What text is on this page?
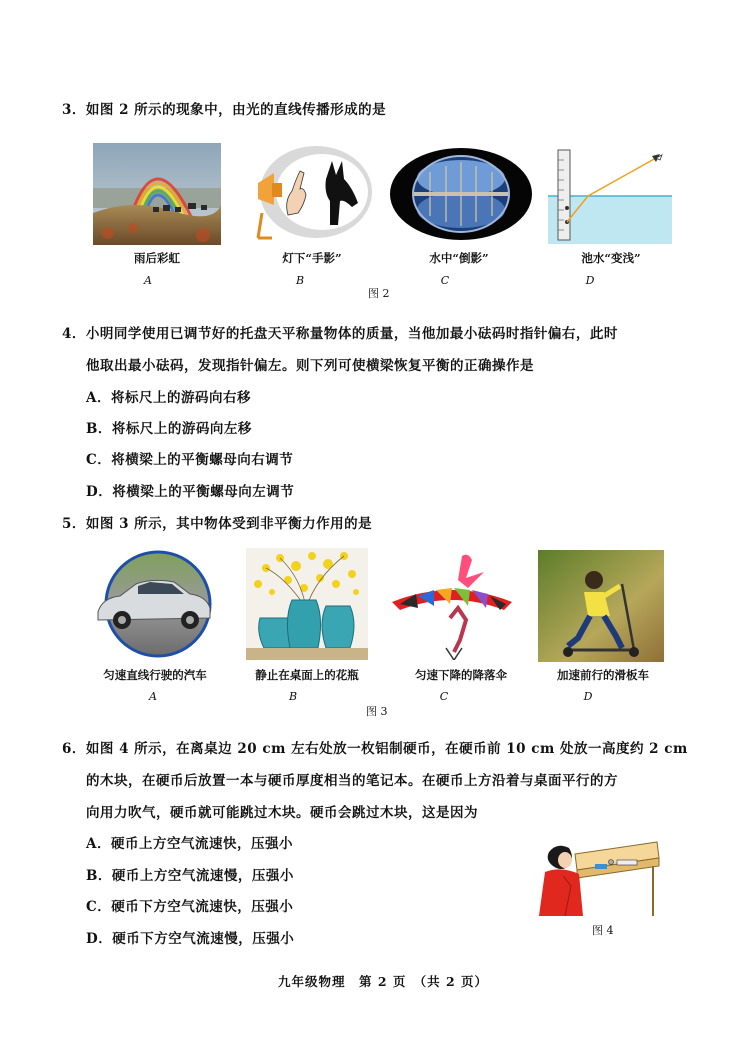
3．如图 2 所示的现象中，由光的直线传播形成的是
雨后彩虹	灯下“手影”	水中“倒影”	池水“变浅”
A	B	C	D
图 2
4．小明同学使用已调节好的托盘天平称量物体的质量，当他加最小砝码时指针偏右，此时
他取出最小砝码，发现指针偏左。则下列可使横梁恢复平衡的正确操作是
A．将标尺上的游码向右移
B．将标尺上的游码向左移
C．将横梁上的平衡螺母向右调节
D．将横梁上的平衡螺母向左调节
5．如图 3 所示，其中物体受到非平衡力作用的是
匀速直线行驶的汽车	静止在桌面上的花瓶	匀速下降的降落伞	加速前行的滑板车
A	B	C	D
图 3
6．如图 4 所示，在离桌边 20 cm 左右处放一枚铝制硬币，在硬币前 10 cm 处放一高度约 2 cm
的木块，在硬币后放置一本与硬币厚度相当的笔记本。在硬币上方沿着与桌面平行的方
向用力吹气，硬币就可能跳过木块。硬币会跳过木块，这是因为
A．硬币上方空气流速快，压强小
B．硬币上方空气流速慢，压强小
C．硬币下方空气流速快，压强小
D．硬币下方空气流速慢，压强小
图 4
九年级物理　第 2 页　（共 2 页）
